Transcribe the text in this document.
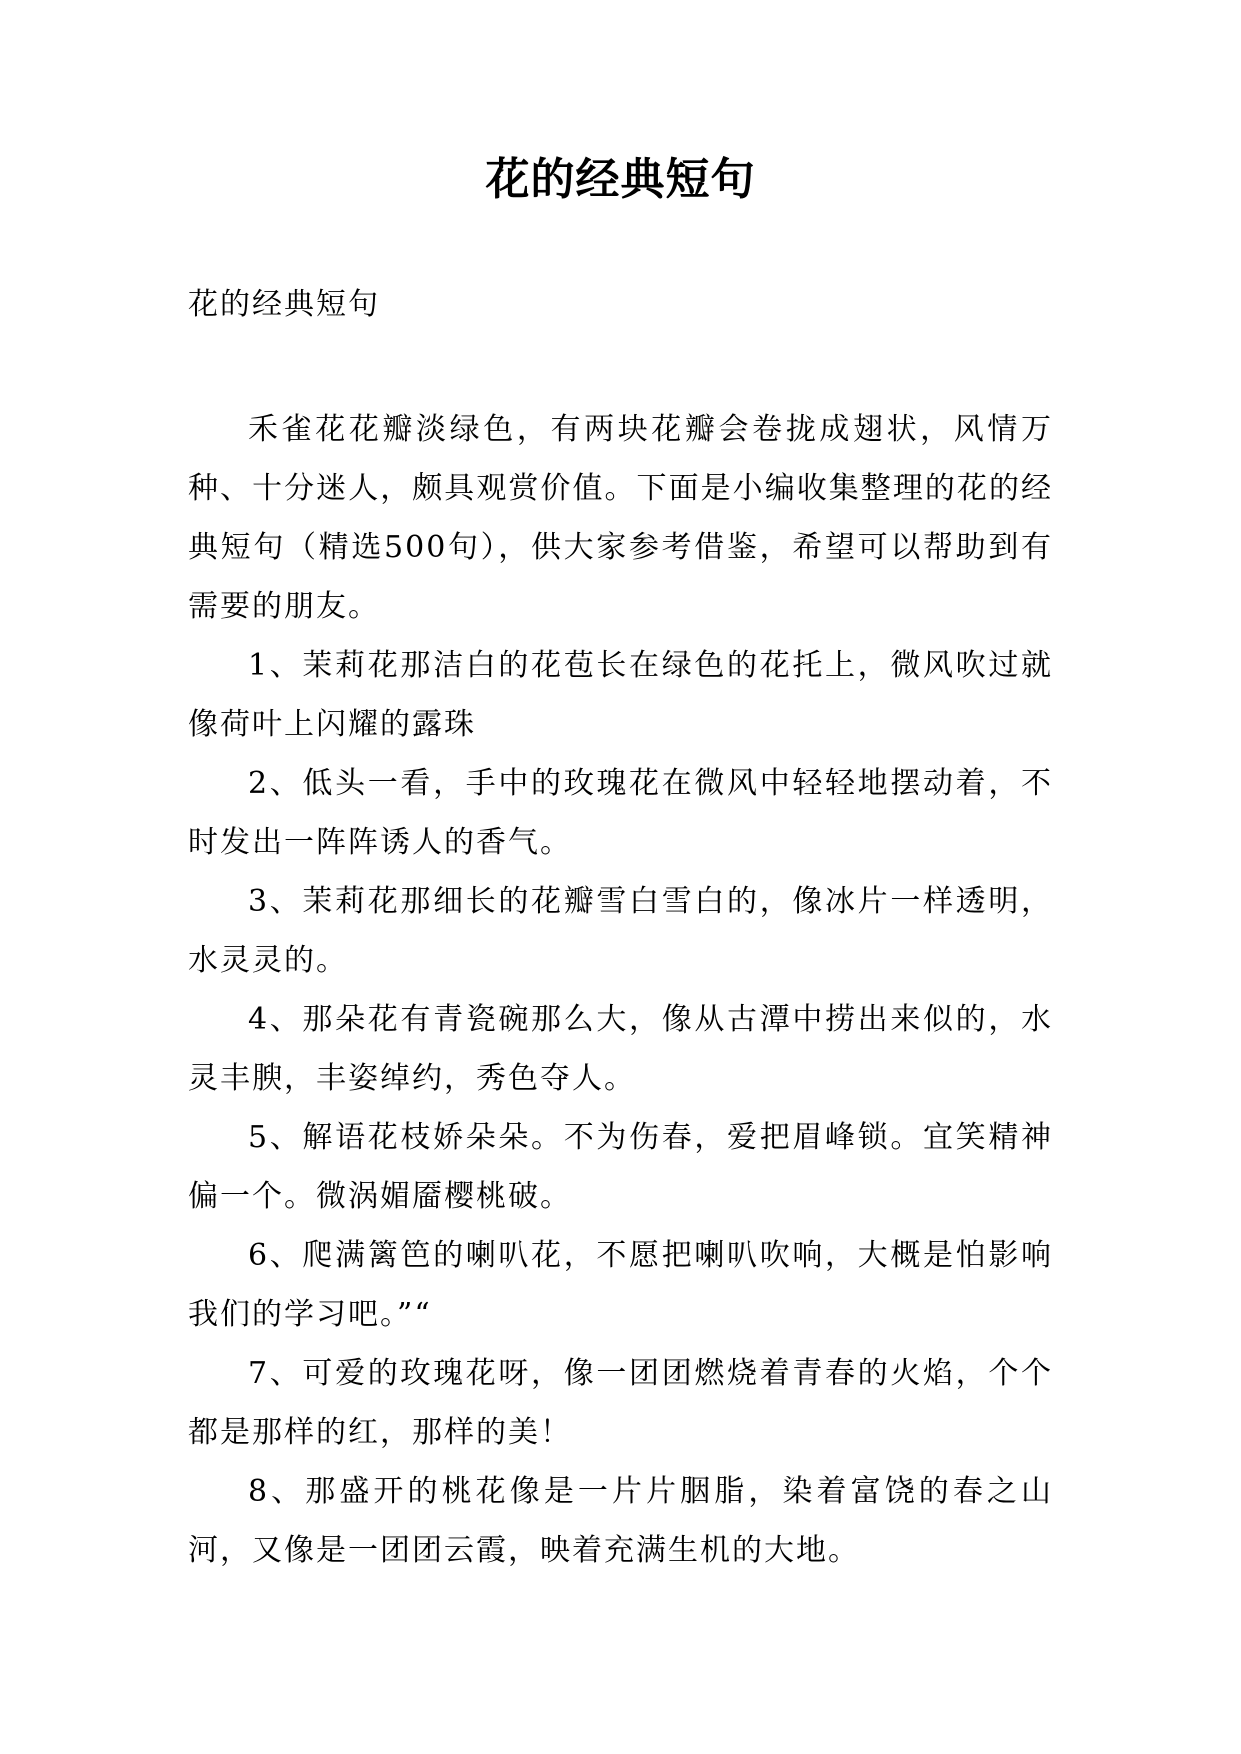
花的经典短句
花的经典短句

禾雀花花瓣淡绿色，有两块花瓣会卷拢成翅状，风情万种、十分迷人，颇具观赏价值。下面是小编收集整理的花的经典短句（精选500句），供大家参考借鉴，希望可以帮助到有需要的朋友。

1、茉莉花那洁白的花苞长在绿色的花托上，微风吹过就像荷叶上闪耀的露珠

2、低头一看，手中的玫瑰花在微风中轻轻地摆动着，不时发出一阵阵诱人的香气。

3、茉莉花那细长的花瓣雪白雪白的，像冰片一样透明，水灵灵的。

4、那朵花有青瓷碗那么大，像从古潭中捞出来似的，水灵丰腴，丰姿绰约，秀色夺人。

5、解语花枝娇朵朵。不为伤春，爱把眉峰锁。宜笑精神偏一个。微涡媚靥樱桃破。

6、爬满篱笆的喇叭花，不愿把喇叭吹响，大概是怕影响我们的学习吧。”“

7、可爱的玫瑰花呀，像一团团燃烧着青春的火焰，个个都是那样的红，那样的美！

8、那盛开的桃花像是一片片胭脂，染着富饶的春之山河，又像是一团团云霞，映着充满生机的大地。
